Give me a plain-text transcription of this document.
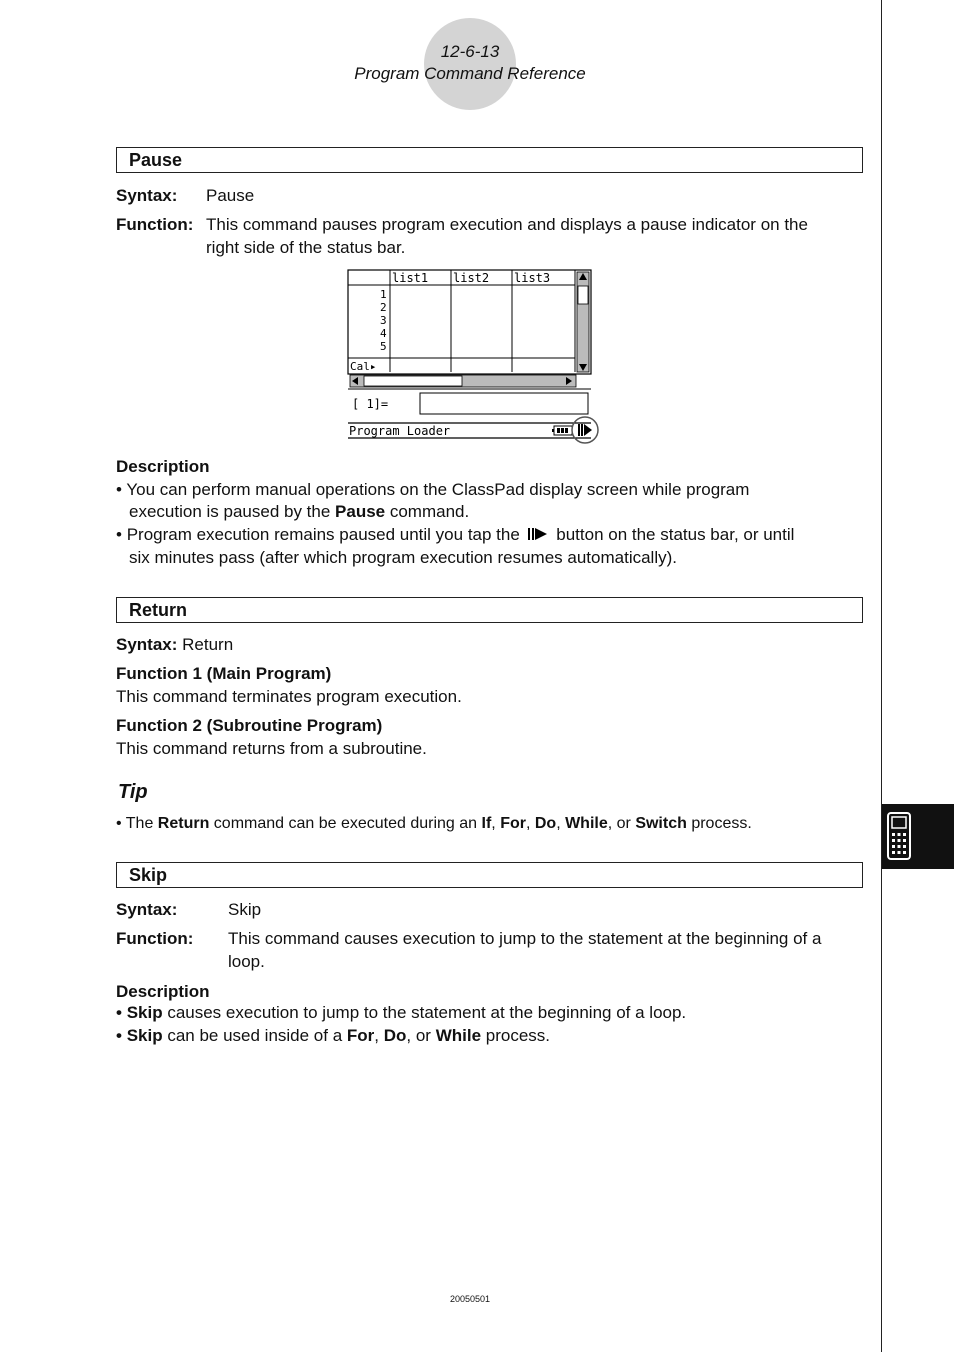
12-6-13
Program Command Reference
Pause
Syntax: Pause
Function: This command pauses program execution and displays a pause indicator on the
right side of the status bar.
list1 list2 list3
1
2
3
4
5
Cal▸
[ 1]=
Program Loader
Description
• You can perform manual operations on the ClassPad display screen while program
execution is paused by the Pause command.
• Program execution remains paused until you tap the  button on the status bar, or until
six minutes pass (after which program execution resumes automatically).
Return
Syntax: Return
Function 1 (Main Program)
This command terminates program execution.
Function 2 (Subroutine Program)
This command returns from a subroutine.
Tip
• The Return command can be executed during an If, For, Do, While, or Switch process.
Skip
Syntax:	Skip
Function: This command causes execution to jump to the statement at the beginning of a
loop.
Description
• Skip causes execution to jump to the statement at the beginning of a loop.
• Skip can be used inside of a For, Do, or While process.
20050501
